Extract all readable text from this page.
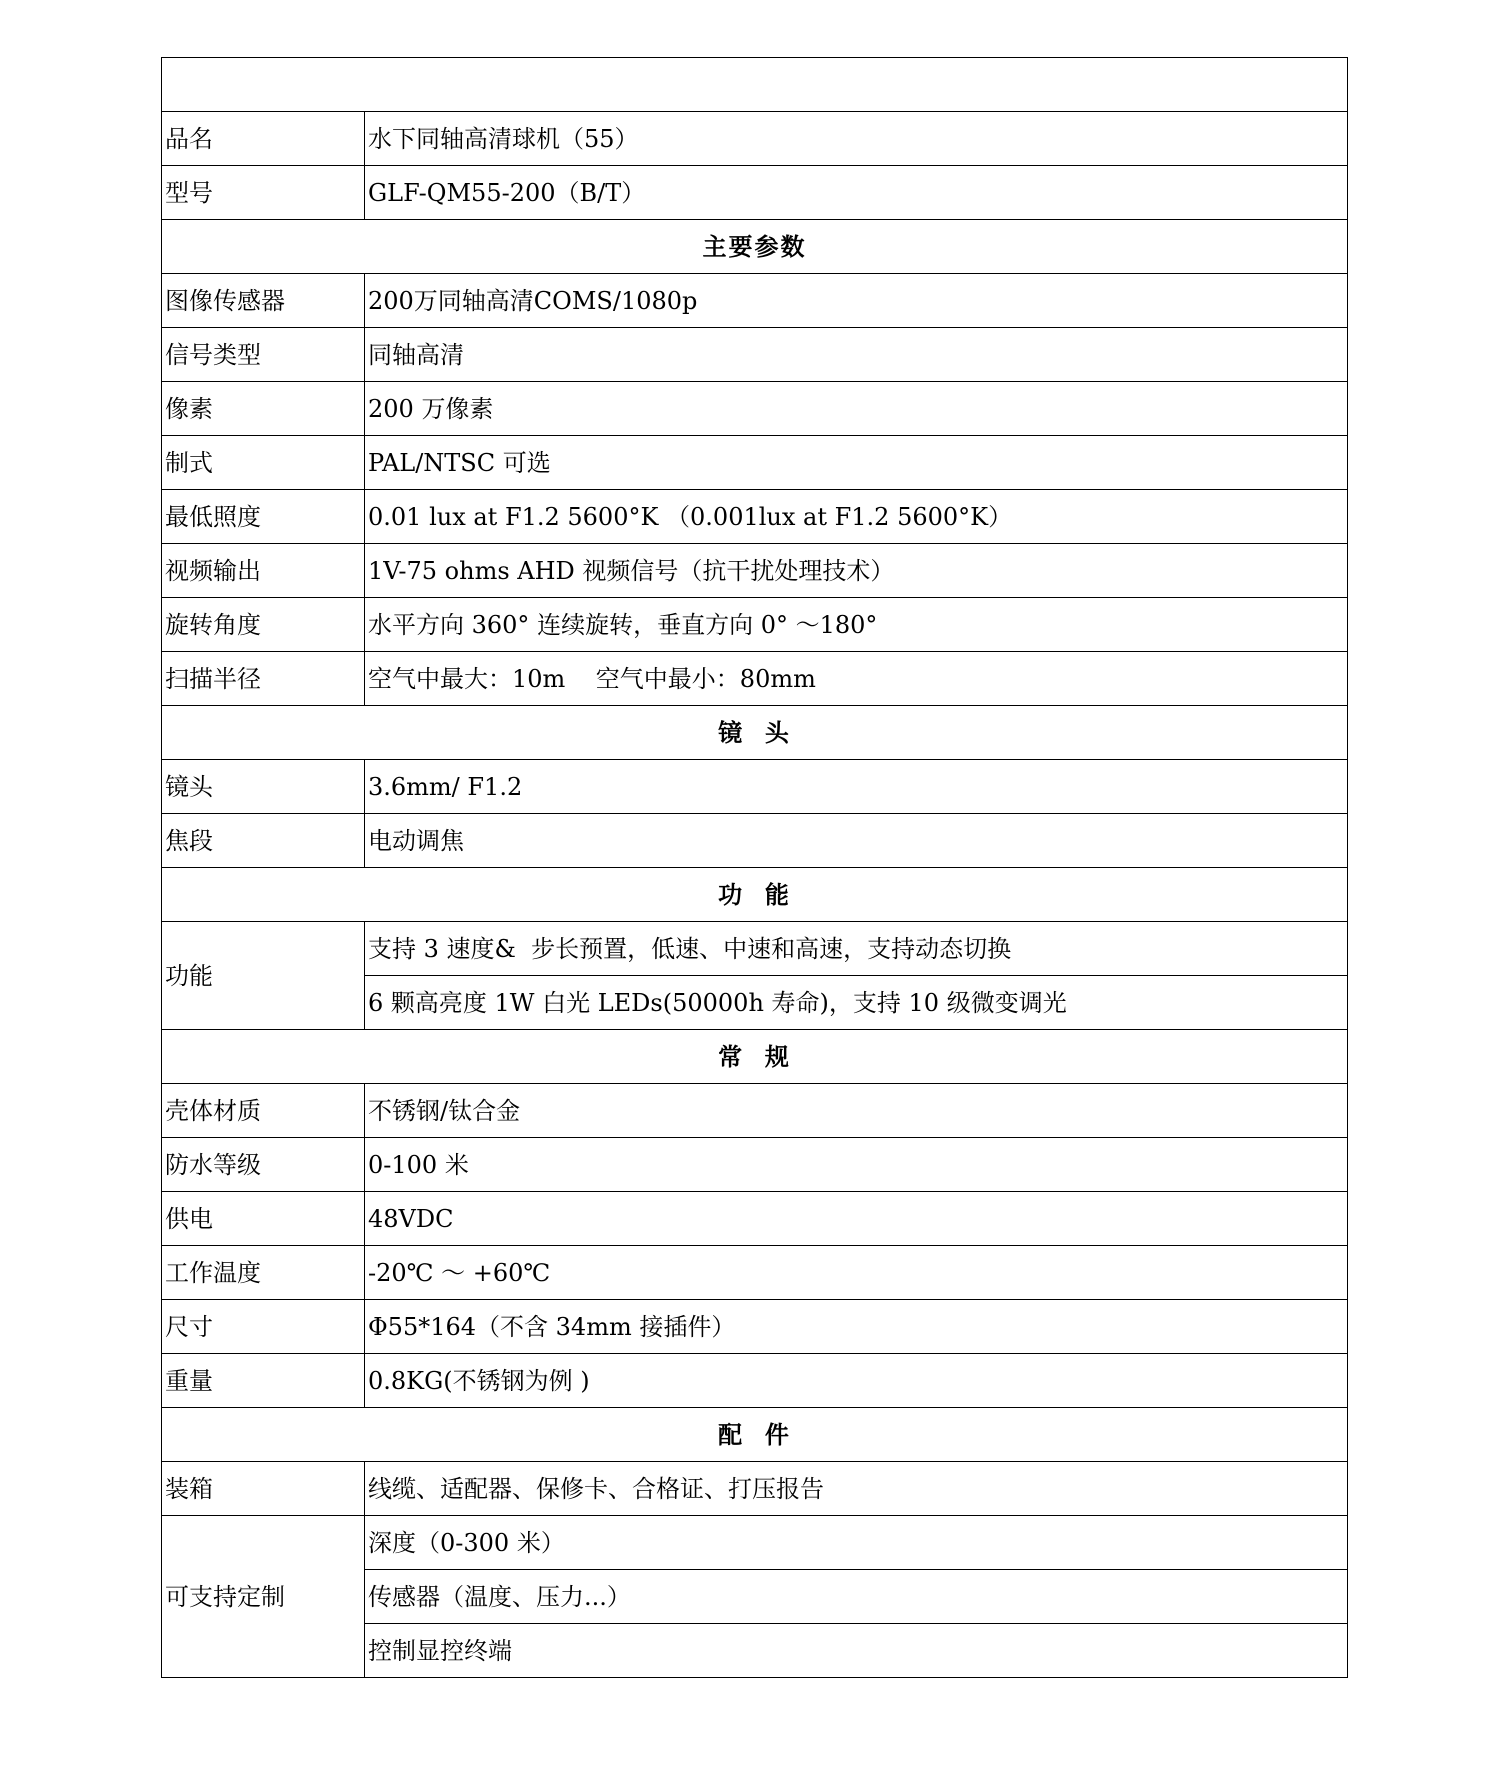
品名	水下同轴高清球机（55）
型号	GLF-QM55-200（B/T）
主要参数	
图像传感器	200万同轴高清COMS/1080p
信号类型	同轴高清
像素	200 万像素
制式	PAL/NTSC 可选
最低照度	0.01 lux at F1.2 5600°K （0.001lux at F1.2 5600°K）
视频输出	1V-75 ohms AHD 视频信号（抗干扰处理技术）
旋转角度	水平方向 360° 连续旋转，垂直方向 0° ～180°
扫描半径	空气中最大：10m    空气中最小：80mm
镜  头	
镜头	3.6mm/ F1.2
焦段	电动调焦
功  能	
功能	支持 3 速度&  步长预置，低速、中速和高速，支持动态切换
	6 颗高亮度 1W 白光 LEDs(50000h 寿命)，支持 10 级微变调光
常  规	
壳体材质	不锈钢/钛合金
防水等级	0-100 米
供电	48VDC
工作温度	-20℃ ～ +60℃
尺寸	Φ55*164（不含 34mm 接插件）
重量	0.8KG(不锈钢为例 )
配  件	
装箱	线缆、适配器、保修卡、合格证、打压报告
可支持定制	深度（0-300 米）
	传感器（温度、压力...）
	控制显控终端
